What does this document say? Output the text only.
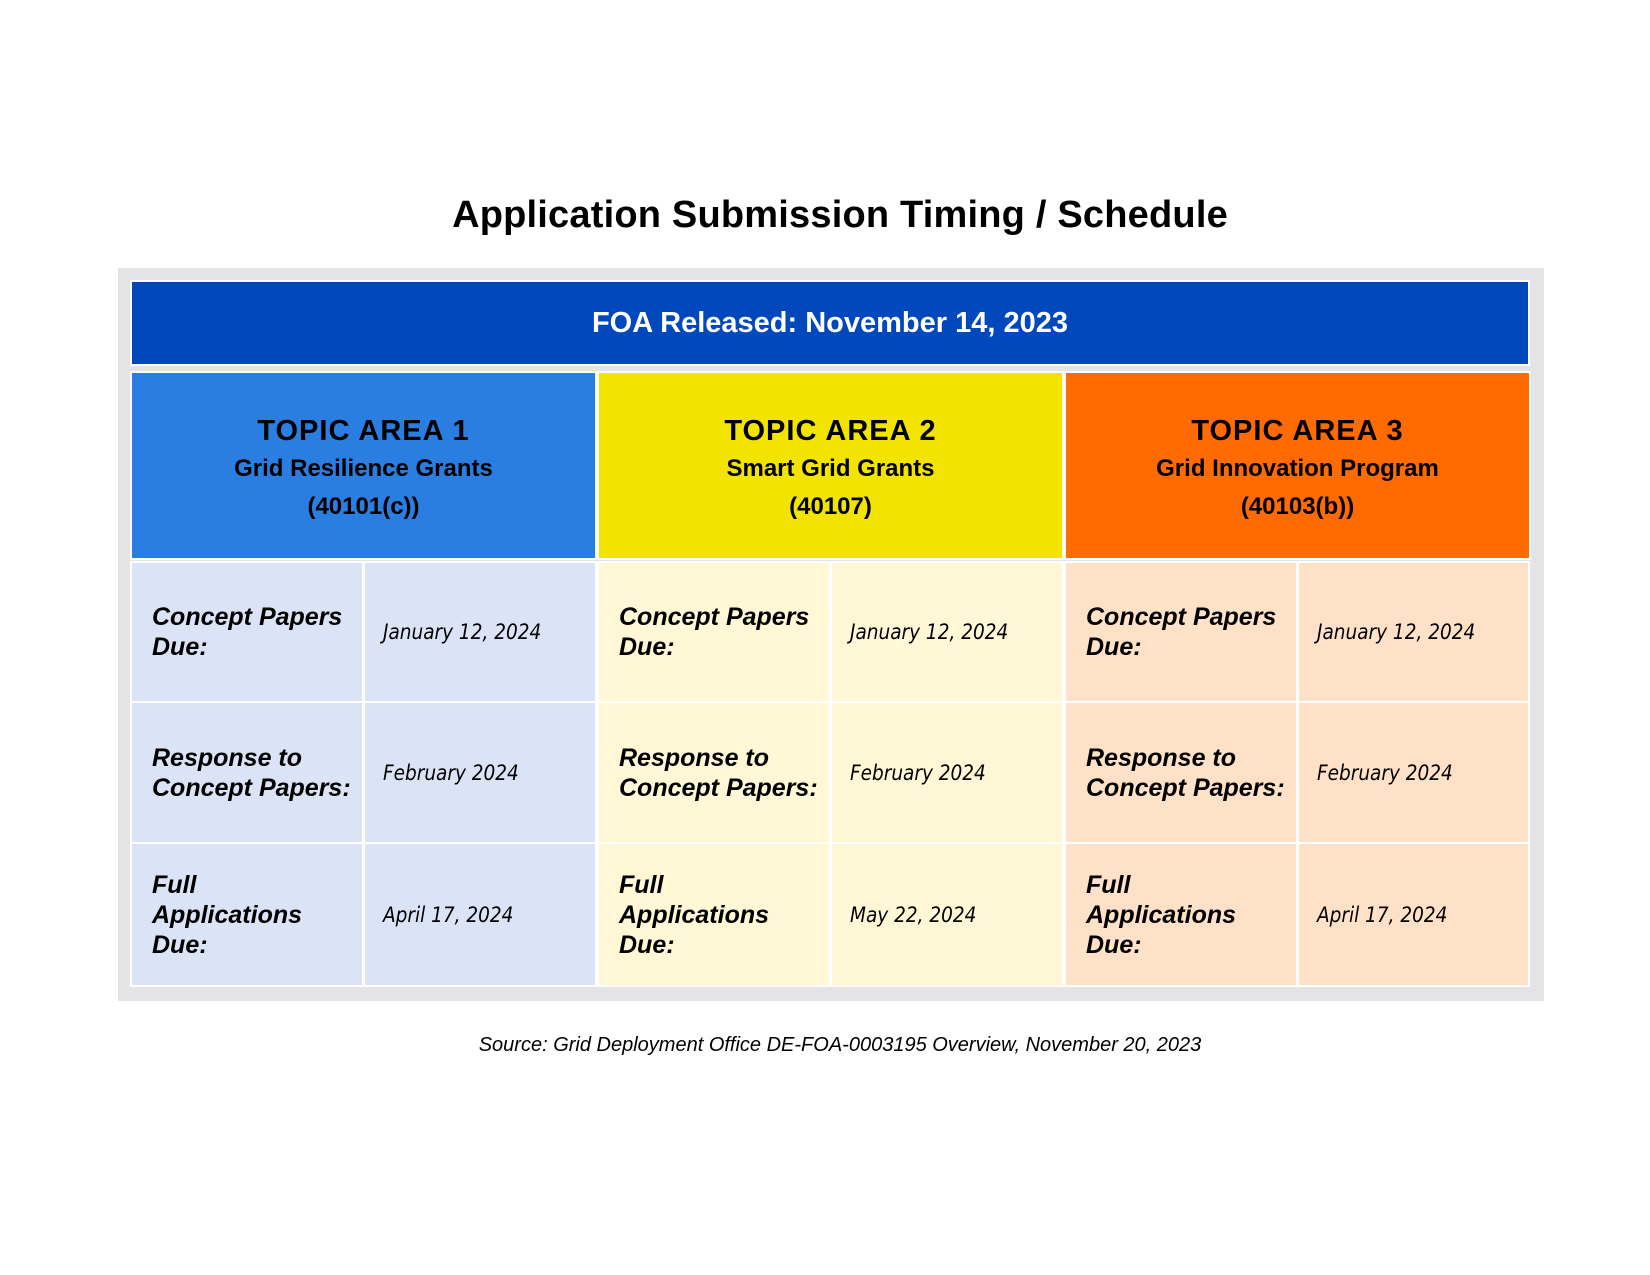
Application Submission Timing / Schedule
FOA Released: November 14, 2023
TOPIC AREA 1
Grid Resilience Grants
(40101(c))
TOPIC AREA 2
Smart Grid Grants
(40107)
TOPIC AREA 3
Grid Innovation Program
(40103(b))
Concept Papers Due:
January 12, 2024
Response to Concept Papers:
February 2024
Full Applications Due:
April 17, 2024
Concept Papers Due:
January 12, 2024
Response to Concept Papers:
February 2024
Full Applications Due:
May 22, 2024
Concept Papers Due:
January 12, 2024
Response to Concept Papers:
February 2024
Full Applications Due:
April 17, 2024
Source: Grid Deployment Office DE-FOA-0003195 Overview, November 20, 2023
